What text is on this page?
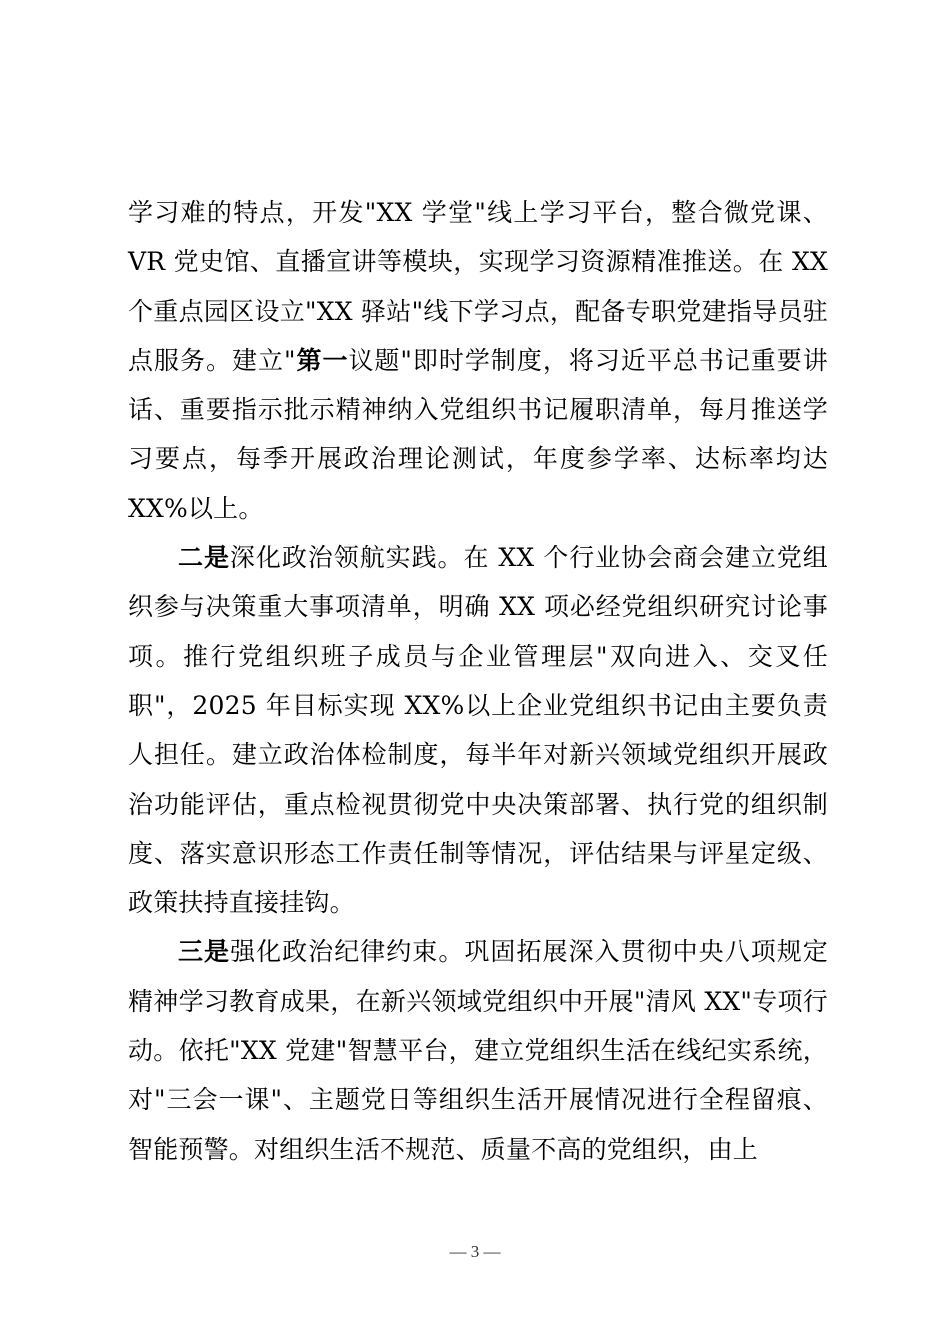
学习难的特点，开发"XX 学堂"线上学习平台，整合微党课、VR 党史馆、直播宣讲等模块，实现学习资源精准推送。在 XX 个重点园区设立"XX 驿站"线下学习点，配备专职党建指导员驻点服务。建立"第一议题"即时学制度，将习近平总书记重要讲话、重要指示批示精神纳入党组织书记履职清单，每月推送学习要点，每季开展政治理论测试，年度参学率、达标率均达 XX%以上。

二是深化政治领航实践。在 XX 个行业协会商会建立党组织参与决策重大事项清单，明确 XX 项必经党组织研究讨论事项。推行党组织班子成员与企业管理层"双向进入、交叉任职"，2025 年目标实现 XX%以上企业党组织书记由主要负责人担任。建立政治体检制度，每半年对新兴领域党组织开展政治功能评估，重点检视贯彻党中央决策部署、执行党的组织制度、落实意识形态工作责任制等情况，评估结果与评星定级、政策扶持直接挂钩。

三是强化政治纪律约束。巩固拓展深入贯彻中央八项规定精神学习教育成果，在新兴领域党组织中开展"清风 XX"专项行动。依托"XX 党建"智慧平台，建立党组织生活在线纪实系统，对"三会一课"、主题党日等组织生活开展情况进行全程留痕、智能预警。对组织生活不规范、质量不高的党组织，由上

— 3 —
